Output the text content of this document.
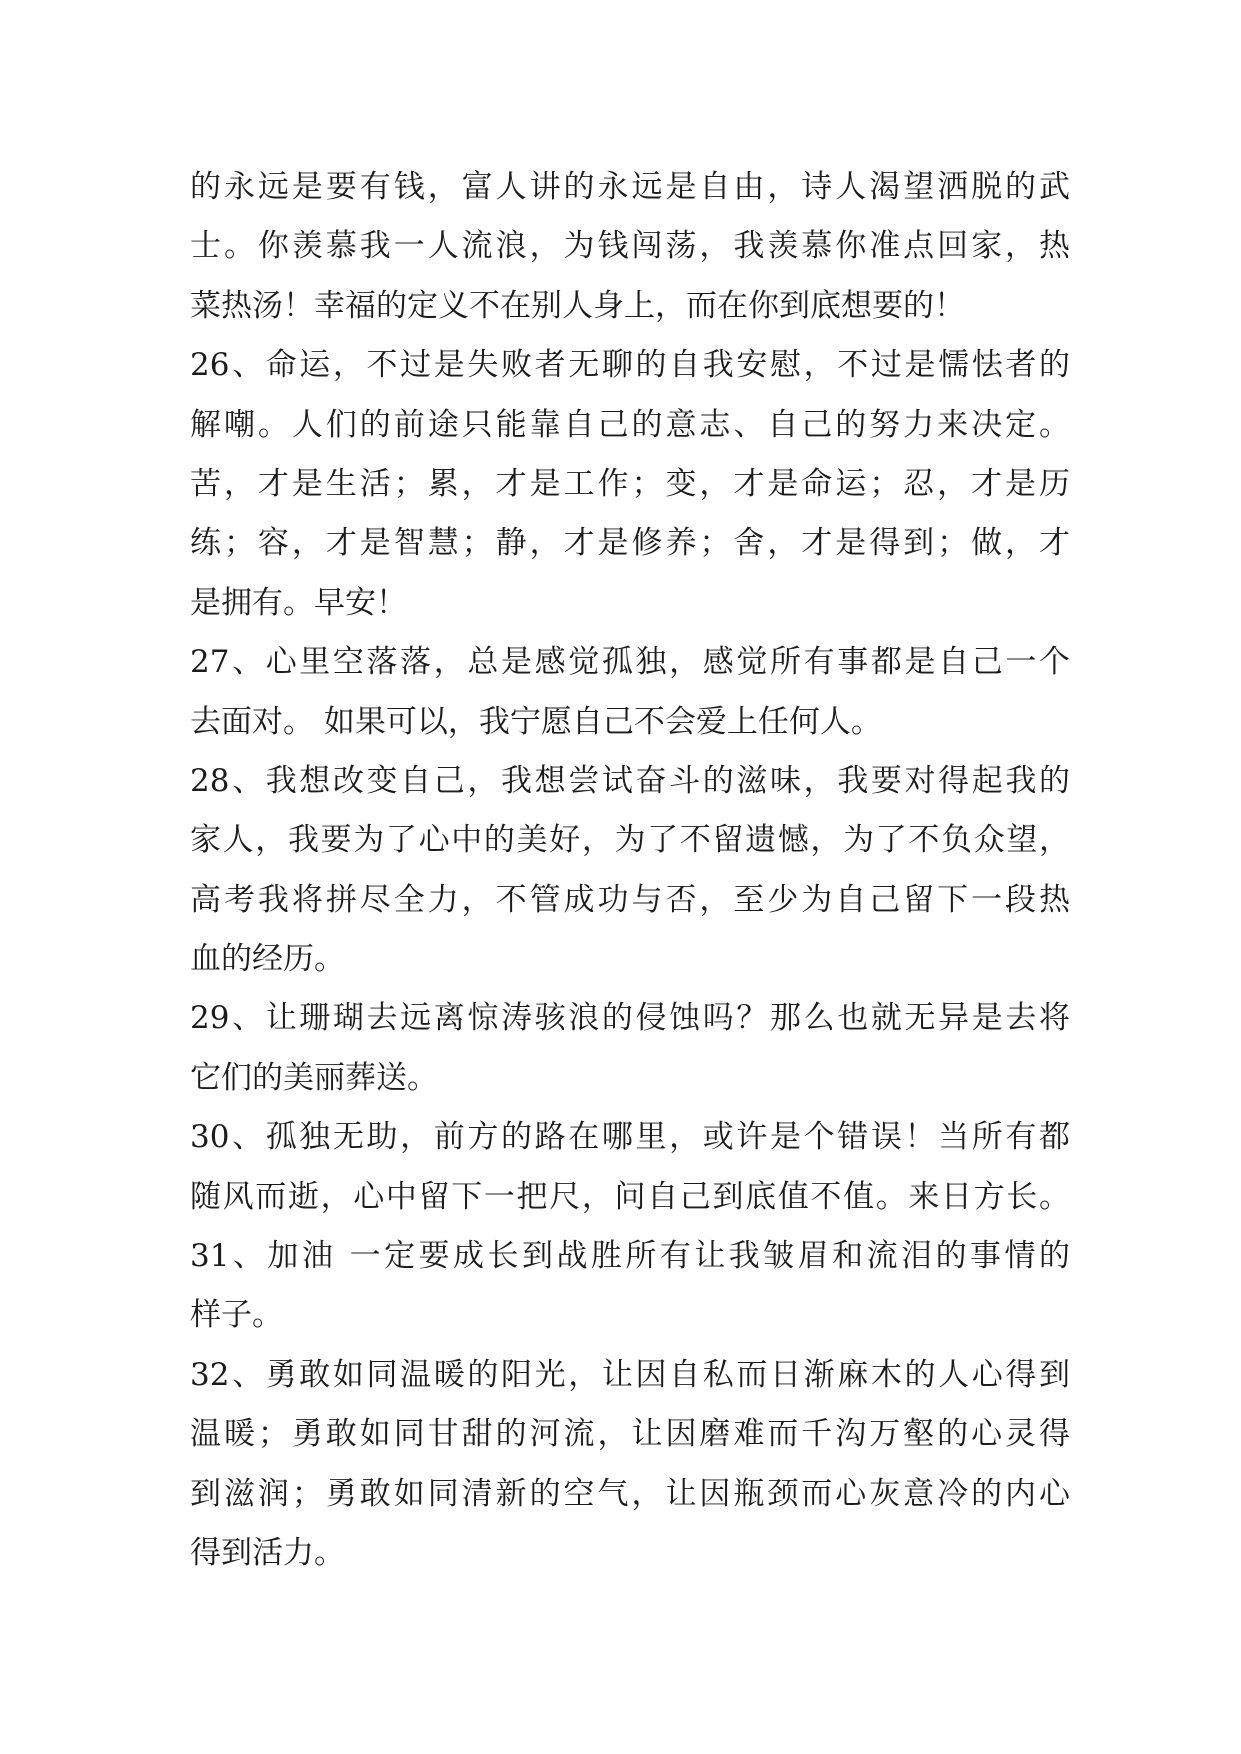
的永远是要有钱，富人讲的永远是自由，诗人渴望洒脱的武
士。你羡慕我一人流浪，为钱闯荡，我羡慕你准点回家，热
菜热汤！幸福的定义不在别人身上，而在你到底想要的！
26、命运，不过是失败者无聊的自我安慰，不过是懦怯者的
解嘲。人们的前途只能靠自己的意志、自己的努力来决定。
苦，才是生活；累，才是工作；变，才是命运；忍，才是历
练；容，才是智慧；静，才是修养；舍，才是得到；做，才
是拥有。早安！
27、心里空落落，总是感觉孤独，感觉所有事都是自己一个
去面对。 如果可以，我宁愿自己不会爱上任何人。
28、我想改变自己，我想尝试奋斗的滋味，我要对得起我的
家人，我要为了心中的美好，为了不留遗憾，为了不负众望，
高考我将拼尽全力，不管成功与否，至少为自己留下一段热
血的经历。
29、让珊瑚去远离惊涛骇浪的侵蚀吗？那么也就无异是去将
它们的美丽葬送。
30、孤独无助，前方的路在哪里，或许是个错误！当所有都
随风而逝，心中留下一把尺，问自己到底值不值。来日方长。
31、加油 一定要成长到战胜所有让我皱眉和流泪的事情的
样子。
32、勇敢如同温暖的阳光，让因自私而日渐麻木的人心得到
温暖；勇敢如同甘甜的河流，让因磨难而千沟万壑的心灵得
到滋润；勇敢如同清新的空气，让因瓶颈而心灰意冷的内心
得到活力。
